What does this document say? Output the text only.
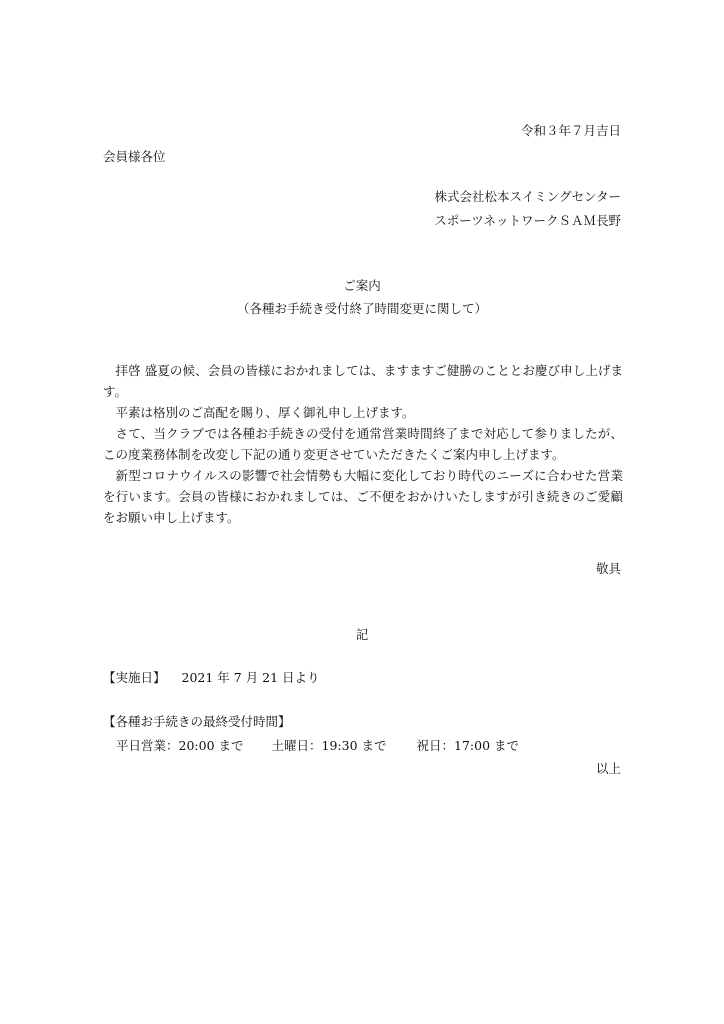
令和３年７月吉日
会員様各位
株式会社松本スイミングセンター
スポーツネットワークＳＡＭ長野
ご案内
（各種お手続き受付終了時間変更に関して）

拝啓 盛夏の候、会員の皆様におかれましては、ますますご健勝のこととお慶び申し上げます。

平素は格別のご高配を賜り、厚く御礼申し上げます。

さて、当クラブでは各種お手続きの受付を通常営業時間終了まで対応して参りましたが、この度業務体制を改変し下記の通り変更させていただきたくご案内申し上げます。

新型コロナウイルスの影響で社会情勢も大幅に変化しており時代のニーズに合わせた営業を行います。会員の皆様におかれましては、ご不便をおかけいたしますが引き続きのご愛顧をお願い申し上げます。

敬具
記
【実施日】 2021 年 7 月 21 日より
【各種お手続きの最終受付時間】
平日営業：20:00 まで 土曜日：19:30 まで 祝日：17:00 まで
以上
